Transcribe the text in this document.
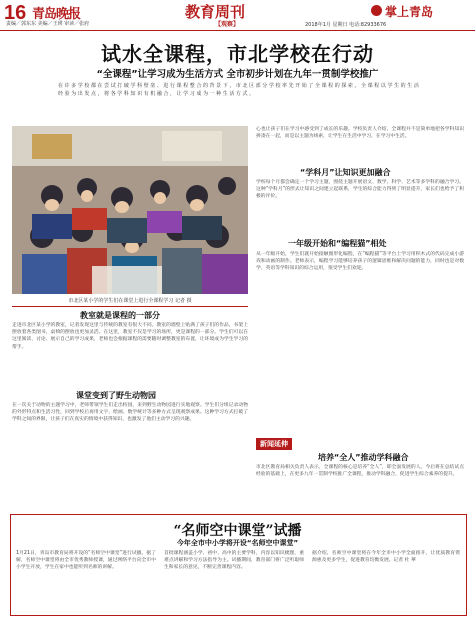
16 青岛晚报
责编／郭东东 美编／王瑛 审读／张府
教育周刊
【观察】
掌上青岛
2018年1月 星期日 电话:82933676
试水全课程，市北学校在行动
“全课程”让学习成为生活方式 全市初步计划在九年一贯制学校推广
在 许 多 学 校 都 在 尝 试 打 破 学 科 壁 垒 、 进 行 课 程 整 合 的 背 景 下 ， 市 北 区 部 分 学 校 率 先 开 始 了 全 课 程 的 探 索 。 全 课 程 以 学 生 的 生 活 经 验 为 出 发 点 ， 将 各 学 科 知 识 有 机 融 合 ， 让 学 习 成 为 一 种 生 活 方 式 。
市北区某小学的学生们在课堂上进行全课程学习 记者 摄
教室就是课程的一部分
走进市北区某小学的教室，记者发现这里与传统的教室有很大不同。教室的墙壁上贴满了孩子们的作品，书架上摆放着各类图书，桌椅的摆放也更加灵活。在这里，教室不仅是学习的场所，更是课程的一部分。学生们可以在这里阅读、讨论、展示自己的学习成果，老师也会根据课程的需要随时调整教室的布置，让环境成为学生学习的帮手。
课堂变到了野生动物园
在一次关于动物的主题学习中，老师带领学生们走出校园，来到野生动物园进行实地观察。学生们分组记录动物的外形特点和生活习性，回到学校后再用文字、绘画、数学统计等多种方式呈现观察成果。这种学习方式打破了学科之间的界限，让孩子们在真实的情境中获得知识，也激发了他们主动学习的兴趣。
心也让孩子们在学习中感受到了成长的乐趣。学校负责人介绍，全课程并不是简单地把各学科知识拼凑在一起，而是以主题为线索，让学生在生活中学习，在学习中生活。
“学科月”让知识更加融合
学校每个月都会确定一个学习主题，围绕主题开展语文、数学、科学、艺术等多学科的融合学习。这种“学科月”的形式让知识之间建立起联系，学生的综合能力得到了明显提升，家长们也给予了积极的评价。
一年级开始和“编程猫”相处
从一年级开始，学生们就开始接触图形化编程，在“编程猫”等平台上学习用积木式的代码完成小游戏和动画的制作。老师表示，编程学习能够培养孩子的逻辑思维和解决问题的能力，同时也是对数学、英语等学科知识的综合运用，很受学生们欢迎。
新闻延伸
培养“全人”推动学科融合
市北区教育局相关负责人表示，全课程的核心是培养“全人”，即全面发展的人。今后将在总结试点经验的基础上，在更多九年一贯制学校推广全课程，推动学科融合，促进学生综合素养的提升。
“名师空中课堂”试播
今年全市中小学将开设“名师空中课堂”
1月21日，青岛市教育局将开设的“名师空中课堂”进行试播。据了解，名师空中课堂将由全市优秀教师授课，通过网络平台向全市中小学生开放，学生在家中也能听到名师的讲解。
首批课程涵盖小学、初中、高中的主要学科，内容以知识梳理、重难点讲解和学习方法指导为主。试播期间，教育部门将广泛听取师生和家长的意见，不断完善课程内容。
据介绍，名师空中课堂将在今年全市中小学全面推开，让优质教育资源惠及更多学生，促进教育均衡发展。记者 杜 華
